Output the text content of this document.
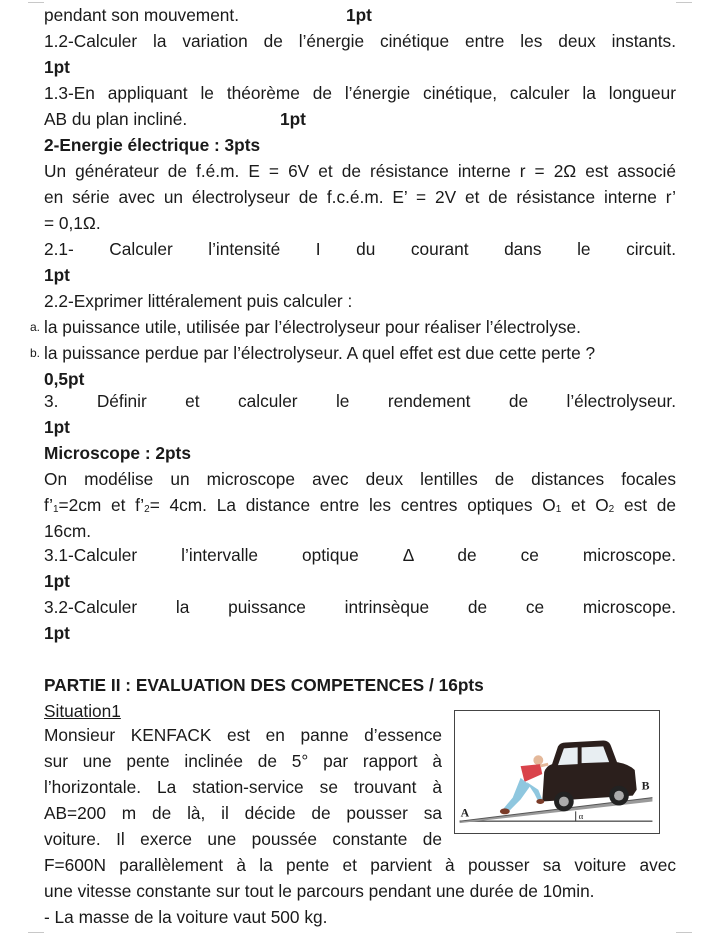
pendant son mouvement.	1pt
1.2-Calculer la variation de l’énergie cinétique entre les deux instants.
1pt
1.3-En appliquant le théorème de l’énergie cinétique, calculer la longueur
AB du plan incliné.	1pt
2-Energie électrique : 3pts
Un générateur de f.é.m. E = 6V et de résistance interne r = 2Ω est associé
en série avec un électrolyseur de f.c.é.m. E’ = 2V et de résistance interne r’
= 0,1Ω.
2.1- Calculer l’intensité I du courant dans le circuit.
1pt
2.2-Exprimer littéralement puis calculer :
a. la puissance utile, utilisée par l’électrolyseur pour réaliser l’électrolyse.
b. la puissance perdue par l’électrolyseur. A quel effet est due cette perte ?
0,5pt
3. Définir et calculer le rendement de l’électrolyseur.
1pt
Microscope : 2pts
On modélise un microscope avec deux lentilles de distances focales
f’1=2cm et f’2= 4cm. La distance entre les centres optiques O1 et O2 est de
16cm.
3.1-Calculer l’intervalle optique Δ de ce microscope.
1pt
3.2-Calculer la puissance intrinsèque de ce microscope.
1pt
PARTIE II : EVALUATION DES COMPETENCES / 16pts
Situation1
Monsieur KENFACK est en panne d’essence
sur une pente inclinée de 5° par rapport à
l’horizontale. La station-service se trouvant à
AB=200 m de là, il décide de pousser sa
voiture. Il exerce une poussée constante de
F=600N parallèlement à la pente et parvient à pousser sa voiture avec
une vitesse constante sur tout le parcours pendant une durée de 10min.
- La masse de la voiture vaut 500 kg.
A
B
α
